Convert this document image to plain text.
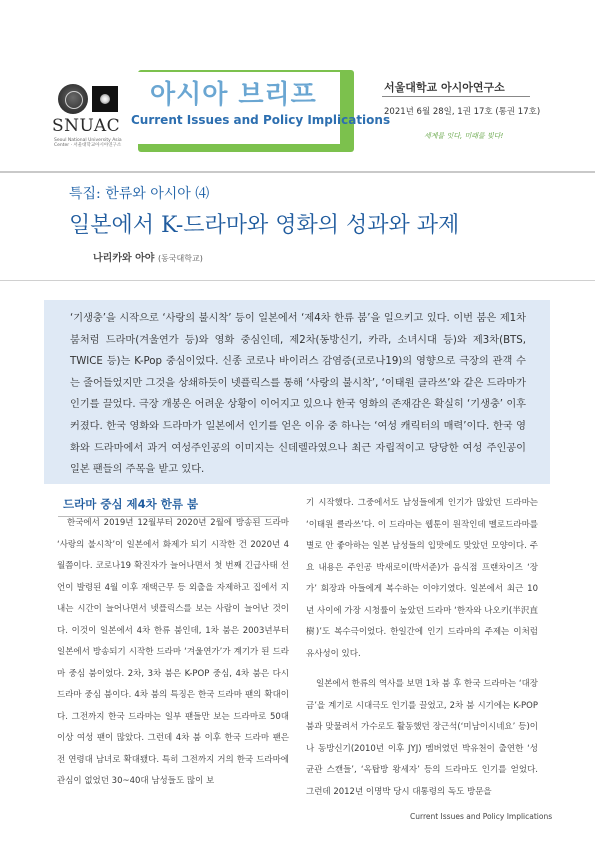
SNUAC
Seoul National University Asia Center · 서울대학교아시아연구소
아시아 브리프
Current Issues and Policy Implications
서울대학교 아시아연구소
2021년 6월 28일, 1권 17호 (통권 17호)
세계를 잇다, 미래를 빚다!
특집: 한류와 아시아 ⑷
일본에서 K-드라마와 영화의 성과와 과제
나리카와 아야 (동국대학교)

‘기생충’을 시작으로 ‘사랑의 불시착’ 등이 일본에서 ‘제4차 한류 붐’을 일으키고 있다. 이번 붐은 제1차 붐처럼 드라마(겨울연가 등)와 영화 중심인데, 제2차(동방신기, 카라, 소녀시대 등)와 제3차(BTS, TWICE 등)는 K-Pop 중심이었다. 신종 코로나 바이러스 감염증(코로나19)의 영향으로 극장의 관객 수는 줄어들었지만 그것을 상쇄하듯이 넷플릭스를 통해 ‘사랑의 불시착’, ‘이태원 클라쓰’와 같은 드라마가 인기를 끌었다. 극장 개봉은 어려운 상황이 이어지고 있으나 한국 영화의 존재감은 확실히 ‘기생충’ 이후 커졌다. 한국 영화와 드라마가 일본에서 인기를 얻은 이유 중 하나는 ‘여성 캐릭터의 매력’이다. 한국 영화와 드라마에서 과거 여성주인공의 이미지는 신데렐라였으나 최근 자립적이고 당당한 여성 주인공이 일본 팬들의 주목을 받고 있다.

드라마 중심 제4차 한류 붐

한국에서 2019년 12월부터 2020년 2월에 방송된 드라마 ‘사랑의 불시착’이 일본에서 화제가 되기 시작한 건 2020년 4월쯤이다. 코로나19 확진자가 늘어나면서 첫 번째 긴급사태 선언이 발령된 4월 이후 재택근무 등 외출을 자제하고 집에서 지내는 시간이 늘어나면서 넷플릭스를 보는 사람이 늘어난 것이다. 이것이 일본에서 4차 한류 붐인데, 1차 붐은 2003년부터 일본에서 방송되기 시작한 드라마 ‘겨울연가’가 계기가 된 드라마 중심 붐이었다. 2차, 3차 붐은 K-POP 중심, 4차 붐은 다시 드라마 중심 붐이다. 4차 붐의 특징은 한국 드라마 팬의 확대이다. 그전까지 한국 드라마는 일부 팬들만 보는 드라마로 50대 이상 여성 팬이 많았다. 그런데 4차 붐 이후 한국 드라마 팬은 전 연령대 남녀로 확대됐다. 특히 그전까지 거의 한국 드라마에 관심이 없었던 30~40대 남성들도 많이 보

기 시작했다. 그중에서도 남성들에게 인기가 많았던 드라마는 ‘이태원 클라쓰’다. 이 드라마는 웹툰이 원작인데 멜로드라마를 별로 안 좋아하는 일본 남성들의 입맛에도 맞았던 모양이다. 주요 내용은 주인공 박새로이(박서준)가 음식점 프랜차이즈 ‘장가’ 회장과 아들에게 복수하는 이야기였다. 일본에서 최근 10년 사이에 가장 시청률이 높았던 드라마 ‘한자와 나오키(半沢直樹)’도 복수극이었다. 한일간에 인기 드라마의 주제는 이처럼 유사성이 있다.

일본에서 한류의 역사를 보면 1차 붐 후 한국 드라마는 ‘대장금’을 계기로 시대극도 인기를 끌었고, 2차 붐 시기에는 K-POP 붐과 맞물려서 가수로도 활동했던 장근석(‘미남이시네요’ 등)이나 동방신기(2010년 이후 JYJ) 멤버였던 박유천이 출연한 ‘성균관 스캔들’, ‘옥탑방 왕세자’ 등의 드라마도 인기를 얻었다. 그런데 2012년 이명박 당시 대통령의 독도 방문을

Current Issues and Policy Implications
